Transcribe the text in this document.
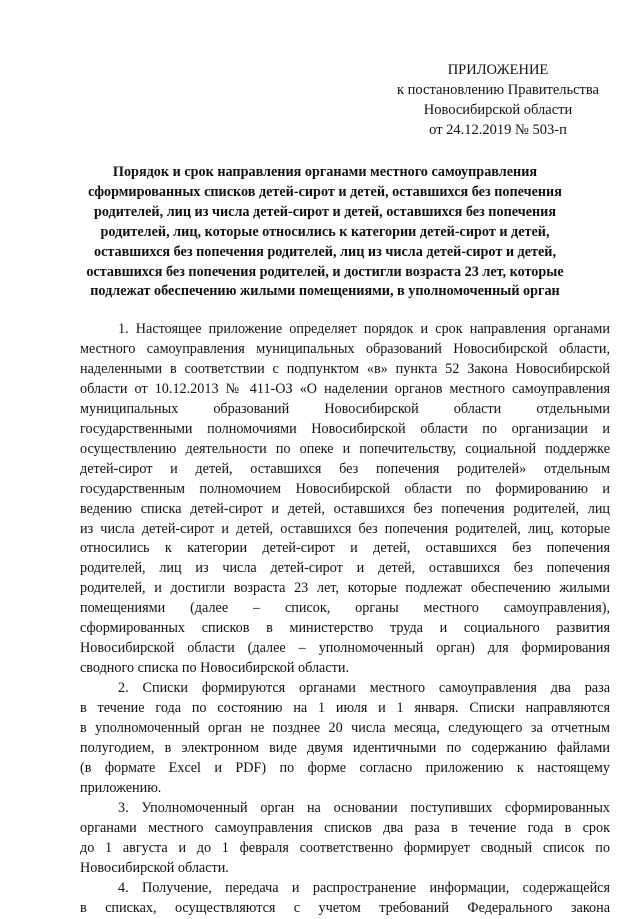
ПРИЛОЖЕНИЕ
к постановлению Правительства
Новосибирской области
от 24.12.2019 № 503-п
Порядок и срок направления органами местного самоуправления
сформированных списков детей-сирот и детей, оставшихся без попечения
родителей, лиц из числа детей-сирот и детей, оставшихся без попечения
родителей, лиц, которые относились к категории детей-сирот и детей,
оставшихся без попечения родителей, лиц из числа детей-сирот и детей,
оставшихся без попечения родителей, и достигли возраста 23 лет, которые
подлежат обеспечению жилыми помещениями, в уполномоченный орган
1. Настоящее приложение определяет порядок и срок направления органами
местного самоуправления муниципальных образований Новосибирской области,
наделенными в соответствии с подпунктом «в» пункта 52 Закона Новосибирской
области от 10.12.2013 № 411-ОЗ «О наделении органов местного самоуправления
муниципальных образований Новосибирской области отдельными
государственными полномочиями Новосибирской области по организации и
осуществлению деятельности по опеке и попечительству, социальной поддержке
детей-сирот и детей, оставшихся без попечения родителей» отдельным
государственным полномочием Новосибирской области по формированию и
ведению списка детей-сирот и детей, оставшихся без попечения родителей, лиц
из числа детей-сирот и детей, оставшихся без попечения родителей, лиц, которые
относились к категории детей-сирот и детей, оставшихся без попечения
родителей, лиц из числа детей-сирот и детей, оставшихся без попечения
родителей, и достигли возраста 23 лет, которые подлежат обеспечению жилыми
помещениями (далее – список, органы местного самоуправления),
сформированных списков в министерство труда и социального развития
Новосибирской области (далее – уполномоченный орган) для формирования
сводного списка по Новосибирской области.
2. Списки формируются органами местного самоуправления два раза
в течение года по состоянию на 1 июля и 1 января. Списки направляются
в уполномоченный орган не позднее 20 числа месяца, следующего за отчетным
полугодием, в электронном виде двумя идентичными по содержанию файлами
(в формате Excel и PDF) по форме согласно приложению к настоящему
приложению.
3. Уполномоченный орган на основании поступивших сформированных
органами местного самоуправления списков два раза в течение года в срок
до 1 августа и до 1 февраля соответственно формирует сводный список по
Новосибирской области.
4. Получение, передача и распространение информации, содержащейся
в списках, осуществляются с учетом требований Федерального закона
